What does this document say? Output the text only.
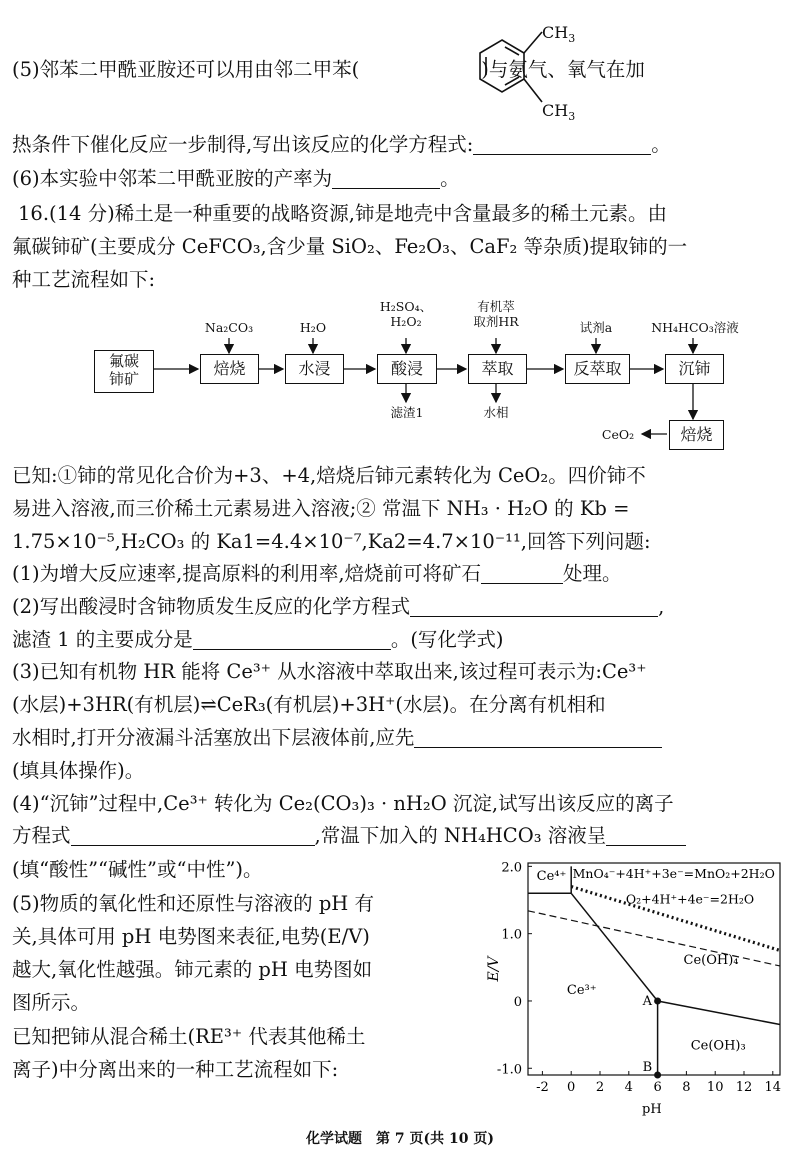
(5)邻苯二甲酰亚胺还可以用由邻二甲苯(	)与氨气、氧气在加
$CH_3$
$CH_3$
热条件下催化反应一步制得,写出该反应的化学方程式:	。
(6)本实验中邻苯二甲酰亚胺的产率为	。
16.(14 分)稀土是一种重要的战略资源,铈是地壳中含量最多的稀土元素。由
氟碳铈矿(主要成分 CeFCO₃,含少量 SiO₂、Fe₂O₃、CaF₂ 等杂质)提取铈的一
种工艺流程如下:
氟碳
铈矿
焙烧	水浸	酸浸	萃取	反萃取	沉铈
焙烧
Na₂CO₃	H₂O
H₂SO₄、
H₂O₂
有机萃
取剂HR	试剂a	NH₄HCO₃溶液
滤渣1	水相
CeO₂
已知:①铈的常见化合价为+3、+4,焙烧后铈元素转化为 CeO₂。四价铈不
易进入溶液,而三价稀土元素易进入溶液;② 常温下 NH₃ · H₂O 的 Kb =
1.75×10⁻⁵,H₂CO₃ 的 Ka1=4.4×10⁻⁷,Ka2=4.7×10⁻¹¹,回答下列问题:
(1)为增大反应速率,提高原料的利用率,焙烧前可将矿石	处理。
(2)写出酸浸时含铈物质发生反应的化学方程式	,
滤渣 1 的主要成分是	。(写化学式)
(3)已知有机物 HR 能将 Ce³⁺ 从水溶液中萃取出来,该过程可表示为:Ce³⁺
(水层)+3HR(有机层)⇌CeR₃(有机层)+3H⁺(水层)。在分离有机相和
水相时,打开分液漏斗活塞放出下层液体前,应先
(填具体操作)。
(4)“沉铈”过程中,Ce³⁺ 转化为 Ce₂(CO₃)₃ · nH₂O 沉淀,试写出该反应的离子
方程式	,常温下加入的 NH₄HCO₃ 溶液呈
(填“酸性”“碱性”或“中性”)。
(5)物质的氧化性和还原性与溶液的 pH 有
关,具体可用 pH 电势图来表征,电势(E/V)
越大,氧化性越强。铈元素的 pH 电势图如
图所示。
已知把铈从混合稀土(RE³⁺ 代表其他稀土
离子)中分离出来的一种工艺流程如下:
-2 0 2 4 6 8 10 12 14
2.0
1.0
0
-1.0
pH
E/V
A
B
Ce⁴⁺
Ce³⁺
Ce(OH)₄
Ce(OH)₃
MnO₄⁻+4H⁺+3e⁻=MnO₂+2H₂O
O₂+4H⁺+4e⁻=2H₂O
化学试题　第 7 页(共 10 页)
